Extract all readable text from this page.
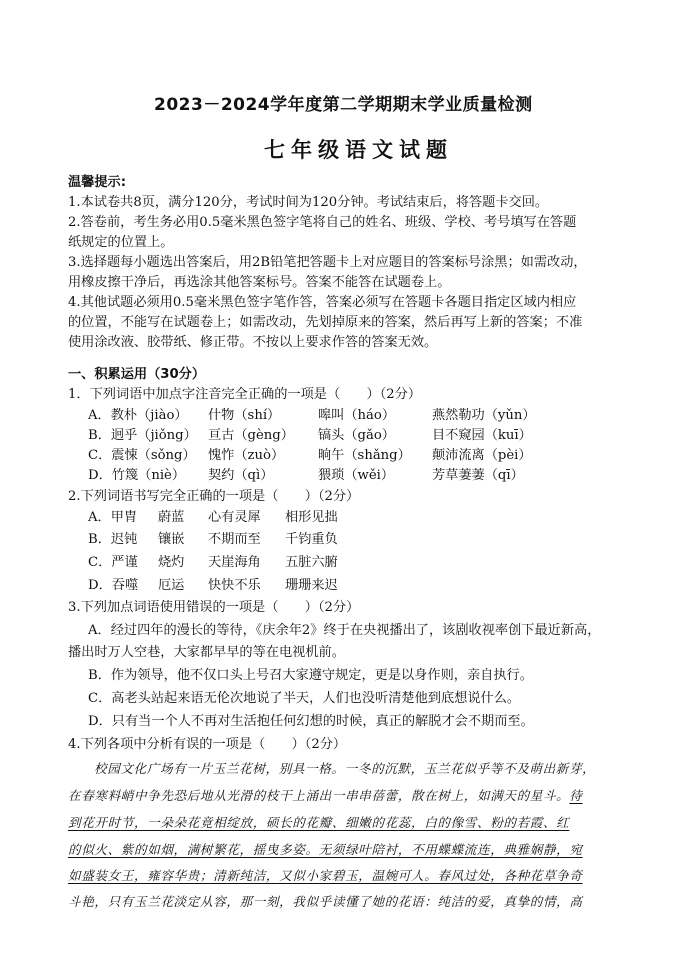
2023－2024学年度第二学期期末学业质量检测
七年级语文试题
温馨提示:
1.本试卷共8页，满分120分，考试时间为120分钟。考试结束后，将答题卡交回。
2.答卷前，考生务必用0.5毫米黑色签字笔将自己的姓名、班级、学校、考号填写在答题
纸规定的位置上。
3.选择题每小题选出答案后，用2B铅笔把答题卡上对应题目的答案标号涂黑；如需改动，
用橡皮擦干净后，再选涂其他答案标号。答案不能答在试题卷上。
4.其他试题必须用0.5毫米黑色签字笔作答，答案必须写在答题卡各题目指定区域内相应
的位置，不能写在试题卷上；如需改动，先划掉原来的答案，然后再写上新的答案；不准
使用涂改液、胶带纸、修正带。不按以上要求作答的答案无效。
一、积累运用（30分）
1．下列词语中加点字注音完全正确的一项是（　　）（2分）
A．教朴（jiào） 什物（shí）	嗥叫（háo）	燕然勒功（yǔn）
B．迥乎（jiǒng） 亘古（gèng） 镐头（gǎo）	目不窥园（kuī）
C．震悚（sǒng） 愧怍（zuò）	晌午（shǎng） 颠沛流离（pèi）
D．竹篾（niè） 契约（qì）	猥琐（wěi）	芳草萋萋（qī）
2.下列词语书写完全正确的一项是（　　）（2分）
A．甲胄 蔚蓝 心有灵犀 相形见拙
B．迟钝 镶嵌 不期而至 千钧重负
C．严谨 烧灼 天崖海角 五脏六腑
D．吞噬 厄运 快快不乐 珊珊来迟
3.下列加点词语使用错误的一项是（　　）（2分）
A．经过四年的漫长的等待，《庆余年2》终于在央视播出了，该剧收视率创下最近新高，
播出时万人空巷，大家都早早的等在电视机前。
B．作为领导，他不仅口头上号召大家遵守规定，更是以身作则，亲自执行。
C．高老头站起来语无伦次地说了半天，人们也没听清楚他到底想说什么。
D．只有当一个人不再对生活抱任何幻想的时候，真正的解脱才会不期而至。
4.下列各项中分析有误的一项是（　　）（2分）
校园文化广场有一片玉兰花树，别具一格。一冬的沉默，玉兰花似乎等不及萌出新芽，
在春寒料峭中争先恐后地从光滑的枝干上涌出一串串蓓蕾，散在树上，如满天的星斗。待
到花开时节，一朵朵花竟相绽放，硕长的花瓣、细嫩的花蕊，白的像雪、粉的若霞、红
的似火、紫的如烟，满树繁花，摇曳多姿。无须绿叶陪衬，不用蝶蝶流连，典雅娴静，宛
如盛装女王，雍容华贵；清新纯洁，又似小家碧玉，温婉可人。春风过处，各种花草争奇
斗艳，只有玉兰花淡定从容，那一刻，我似乎读懂了她的花语：纯洁的爱，真挚的情，高
